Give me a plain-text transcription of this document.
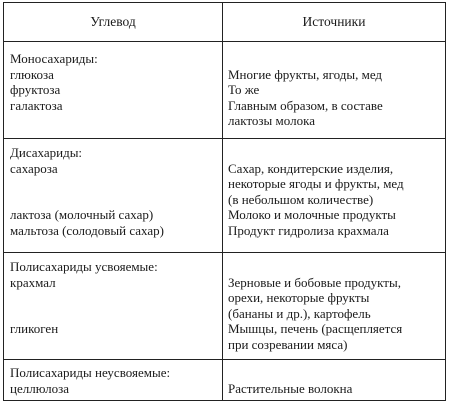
Углевод	Источники
Моносахариды:
глюкоза
фруктоза
галактоза
Многие фрукты, ягоды, мед
То же
Главным образом, в составе
лактозы молока
Дисахариды:
сахароза
лактоза (молочный сахар)
мальтоза (солодовый сахар)
Сахар, кондитерские изделия,
некоторые ягоды и фрукты, мед
(в небольшом количестве)
Молоко и молочные продукты
Продукт гидролиза крахмала
Полисахариды усвояемые:
крахмал
гликоген
Зерновые и бобовые продукты,
орехи, некоторые фрукты
(бананы и др.), картофель
Мышцы, печень (расщепляется
при созревании мяса)
Полисахариды неусвояемые:
целлюлоза	Растительные волокна
